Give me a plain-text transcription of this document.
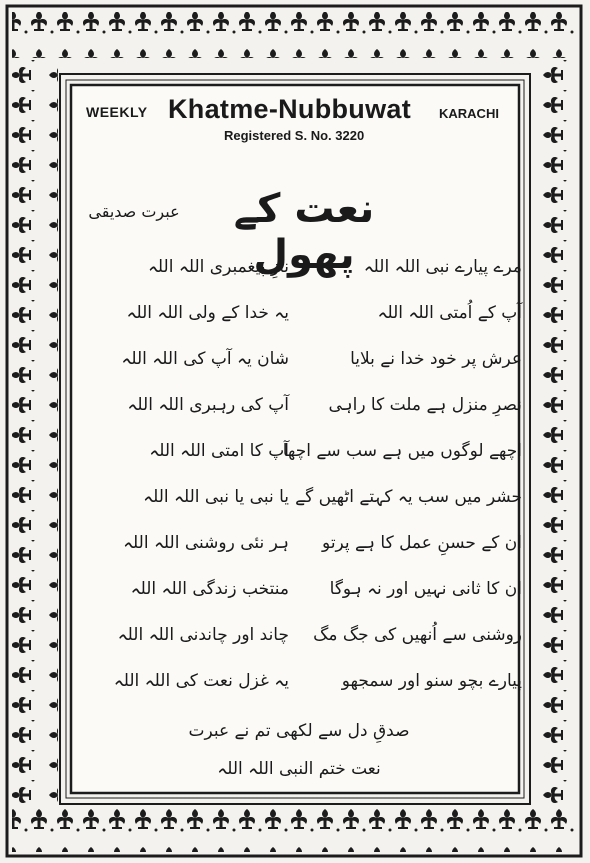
WEEKLY Khatme-Nubbuwat KARACHI
Registered S. No. 3220
نعت کے پھول
عبرت صدیقی
مرے پیارے نبی اللہ اللہ
نازِ پیغمبری اللہ اللہ
آپ کے اُمتی اللہ اللہ
یہ خدا کے ولی اللہ اللہ
عرش پر خود خدا نے بلایا
شان یہ آپ کی اللہ اللہ
نصرِ منزل ہے ملت کا راہی
آپ کی رہبری اللہ اللہ
اچھے لوگوں میں ہے سب سے اچھا
آپ کا امتی اللہ اللہ
حشر میں سب یہ کہتے اٹھیں گے
یا نبی یا نبی اللہ اللہ
ان کے حسنِ عمل کا ہے پرتو
ہر نئی روشنی اللہ اللہ
ان کا ثانی نہیں اور نہ ہوگا
منتخب زندگی اللہ اللہ
روشنی سے اُنھیں کی جگ مگ
چاند اور چاندنی اللہ اللہ
پیارے بچو سنو اور سمجھو
یہ غزل نعت کی اللہ اللہ
صدقِ دل سے لکھی تم نے عبرت
نعت ختم النبی اللہ اللہ
